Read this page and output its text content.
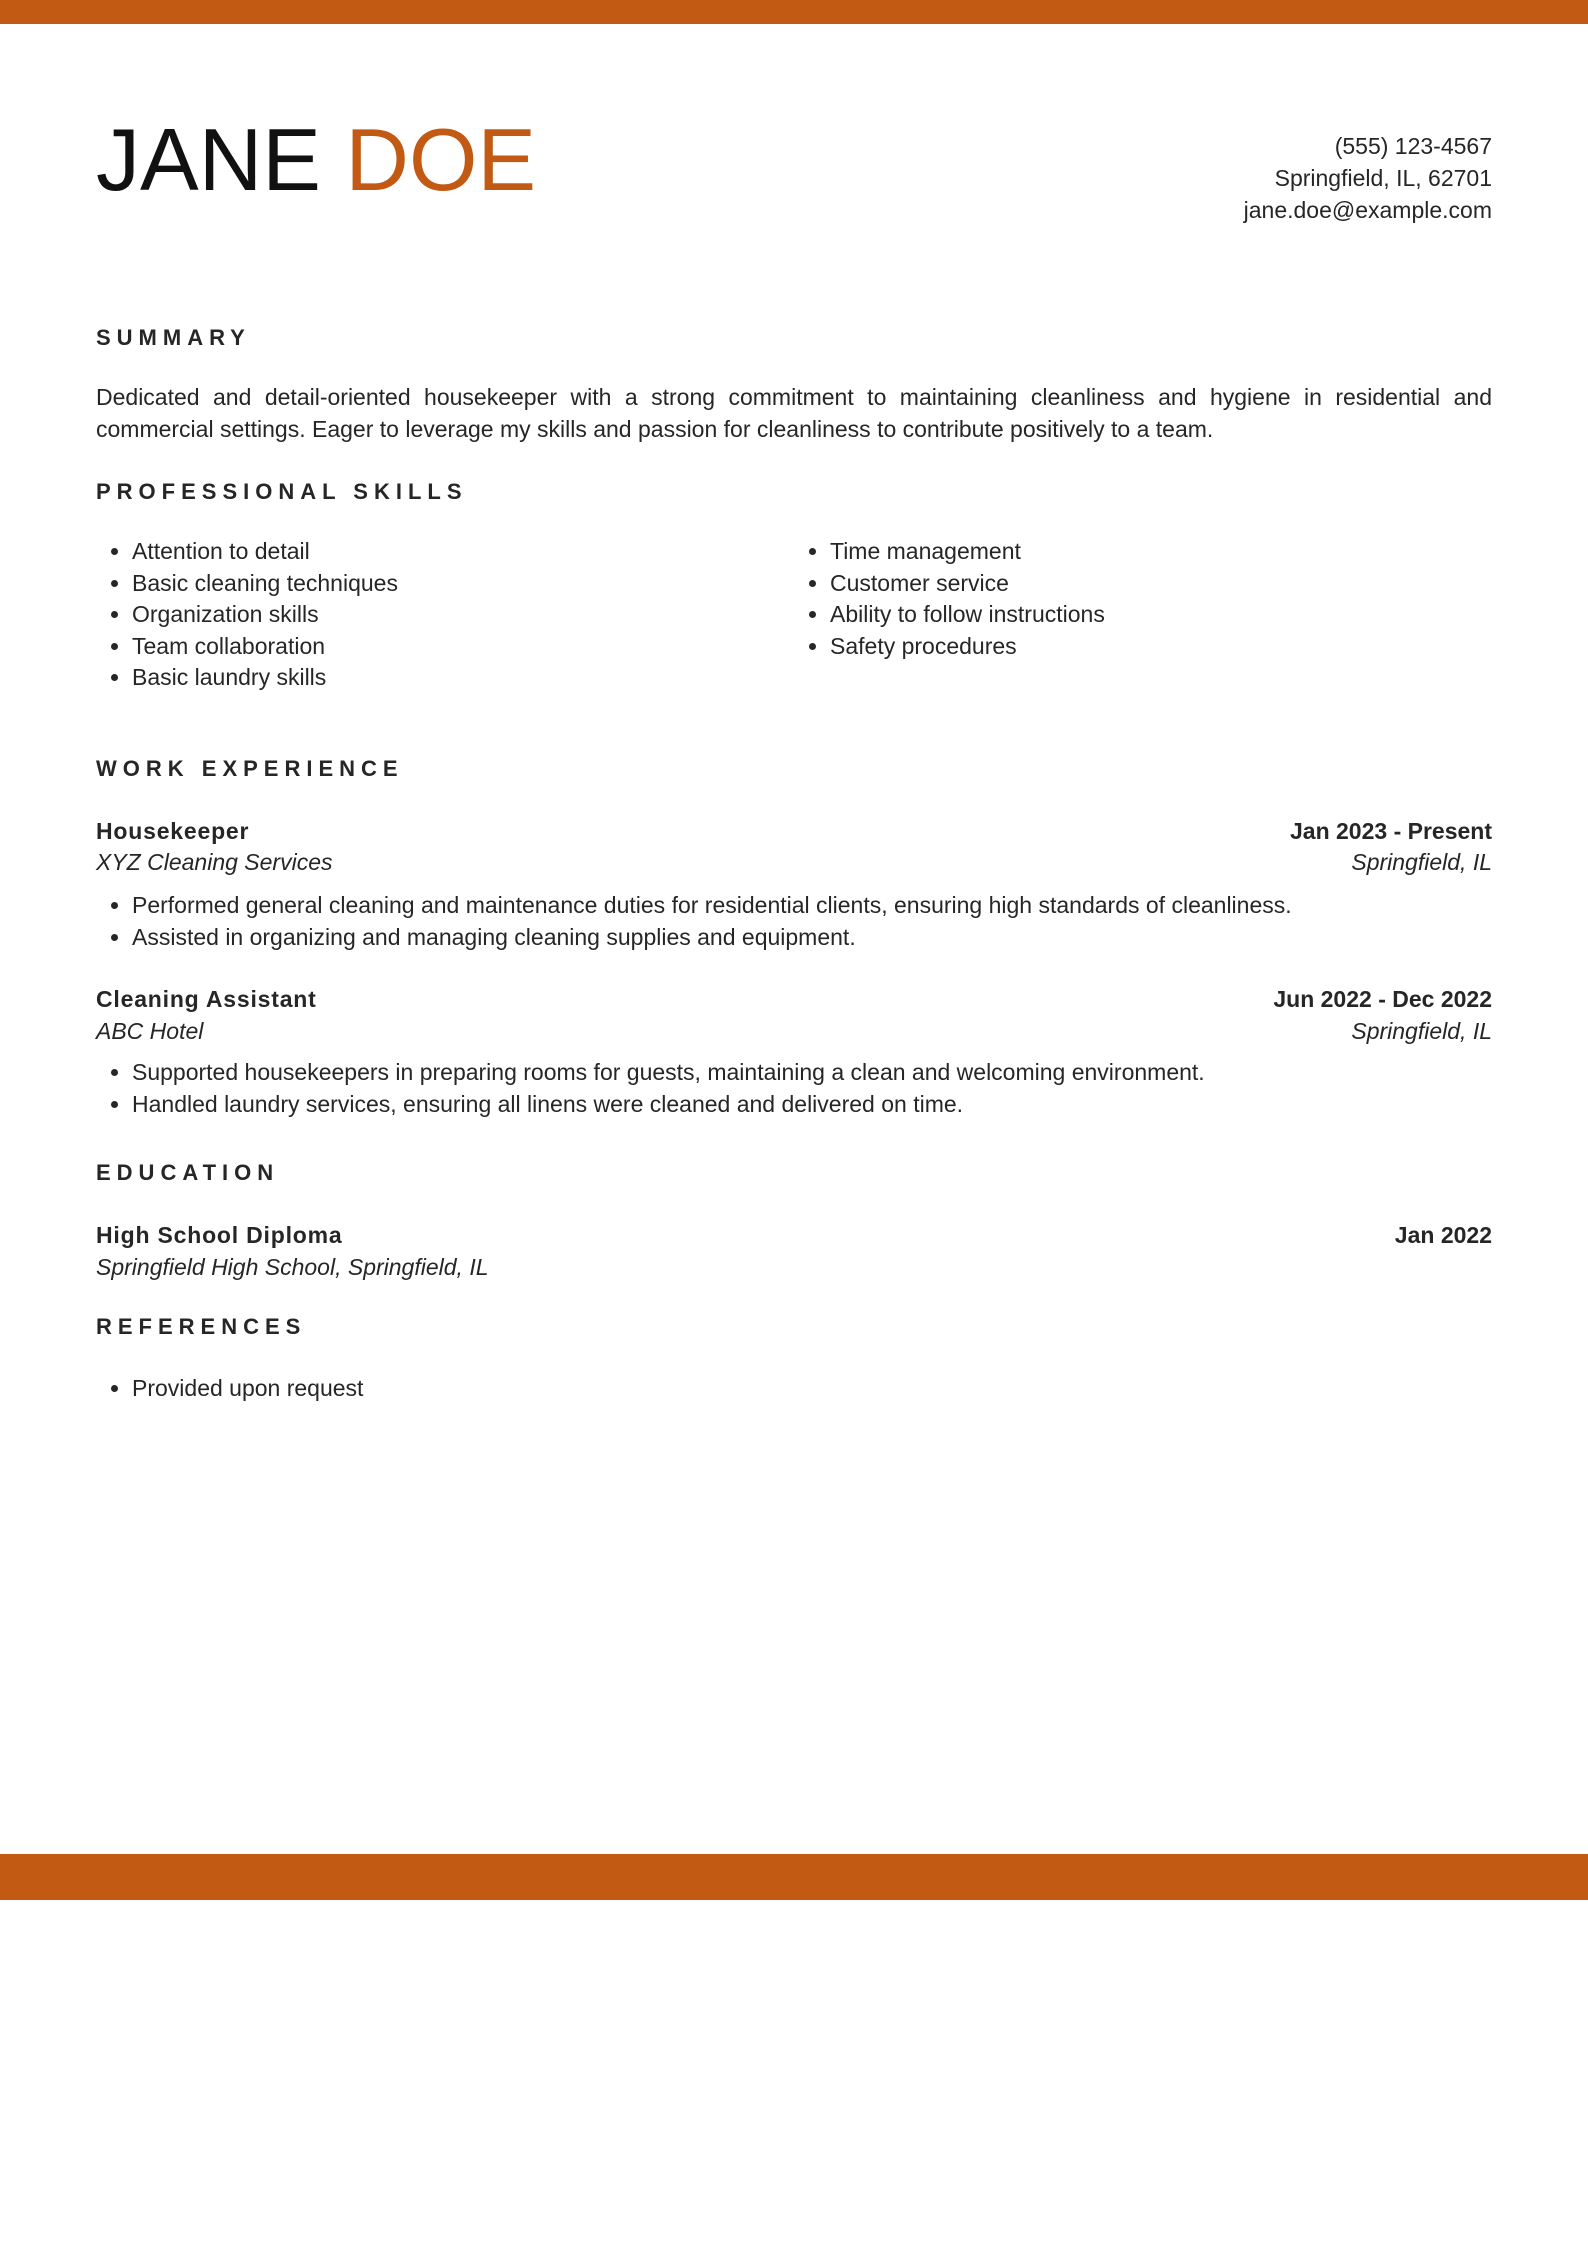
JANE DOE	(555) 123-4567
Springfield, IL, 62701
jane.doe@example.com
SUMMARY
Dedicated and detail-oriented housekeeper with a strong commitment to maintaining cleanliness and hygiene in residential and commercial settings. Eager to leverage my skills and passion for cleanliness to contribute positively to a team.
PROFESSIONAL SKILLS
• Attention to detail
• Basic cleaning techniques
• Organization skills
• Team collaboration
• Basic laundry skills
• Time management
• Customer service
• Ability to follow instructions
• Safety procedures
WORK EXPERIENCE
Housekeeper	Jan 2023 - Present
XYZ Cleaning Services	Springfield, IL
• Performed general cleaning and maintenance duties for residential clients, ensuring high standards of cleanliness.
• Assisted in organizing and managing cleaning supplies and equipment.
Cleaning Assistant	Jun 2022 - Dec 2022
ABC Hotel	Springfield, IL
• Supported housekeepers in preparing rooms for guests, maintaining a clean and welcoming environment.
• Handled laundry services, ensuring all linens were cleaned and delivered on time.
EDUCATION
High School Diploma	Jan 2022
Springfield High School, Springfield, IL
REFERENCES
• Provided upon request
